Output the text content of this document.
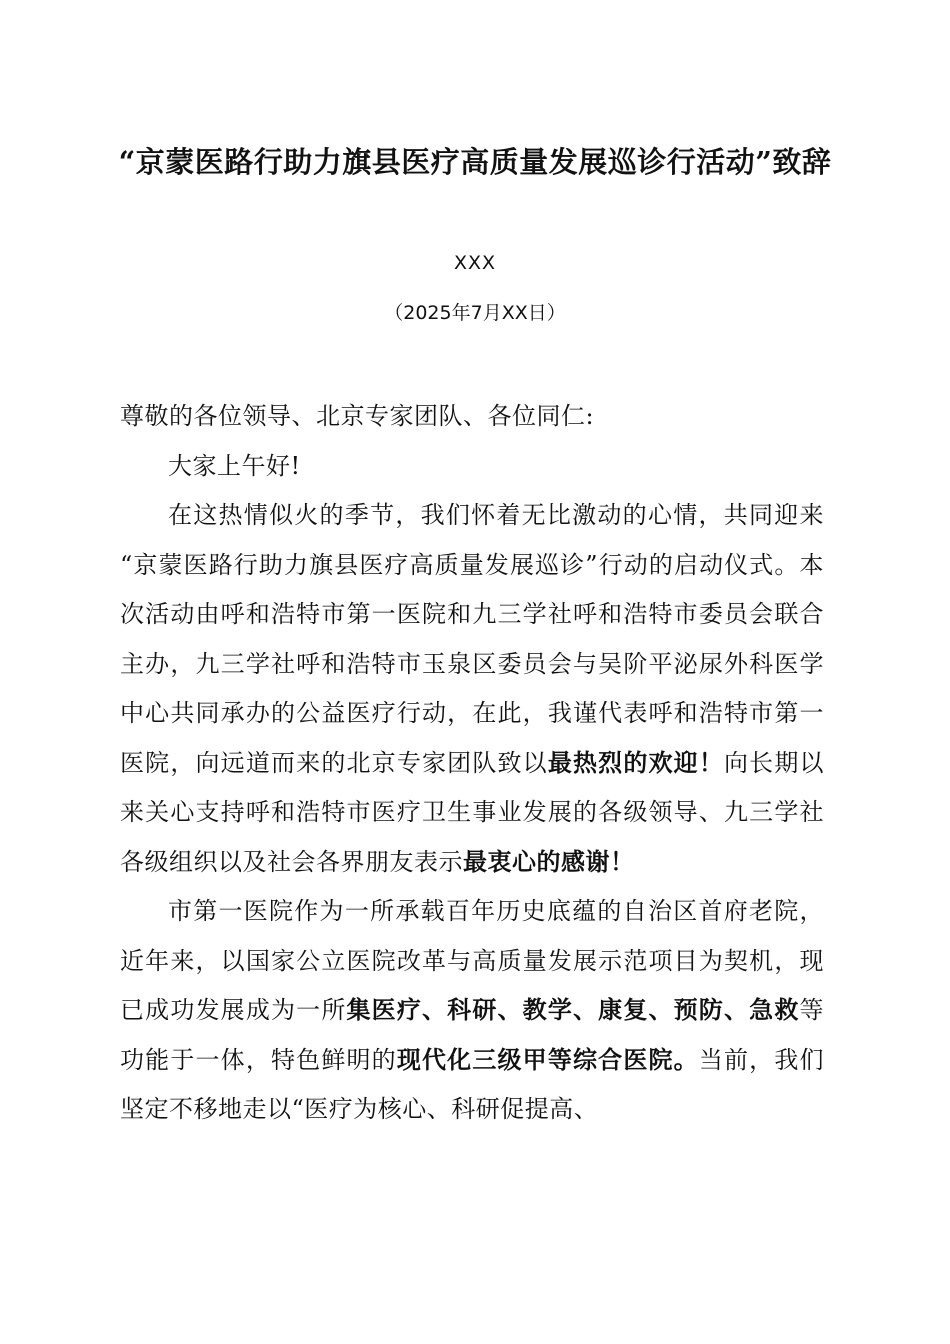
“京蒙医路行助力旗县医疗高质量发展巡诊行活动”致辞
XXX
（2025年7月XX日）

尊敬的各位领导、北京专家团队、各位同仁:

大家上午好!

在这热情似火的季节，我们怀着无比激动的心情，共同迎来 “京蒙医路行助力旗县医疗高质量发展巡诊”行动的启动仪式。本次活动由呼和浩特市第一医院和九三学社呼和浩特市委员会联合主办，九三学社呼和浩特市玉泉区委员会与吴阶平泌尿外科医学中心共同承办的公益医疗行动，在此，我谨代表呼和浩特市第一医院，向远道而来的北京专家团队致以最热烈的欢迎！向长期以来关心支持呼和浩特市医疗卫生事业发展的各级领导、九三学社各级组织以及社会各界朋友表示最衷心的感谢！

市第一医院作为一所承载百年历史底蕴的自治区首府老院，近年来，以国家公立医院改革与高质量发展示范项目为契机，现已成功发展成为一所集医疗、科研、教学、康复、预防、急救等功能于一体，特色鲜明的现代化三级甲等综合医院。当前，我们坚定不移地走以“医疗为核心、科研促提高、
